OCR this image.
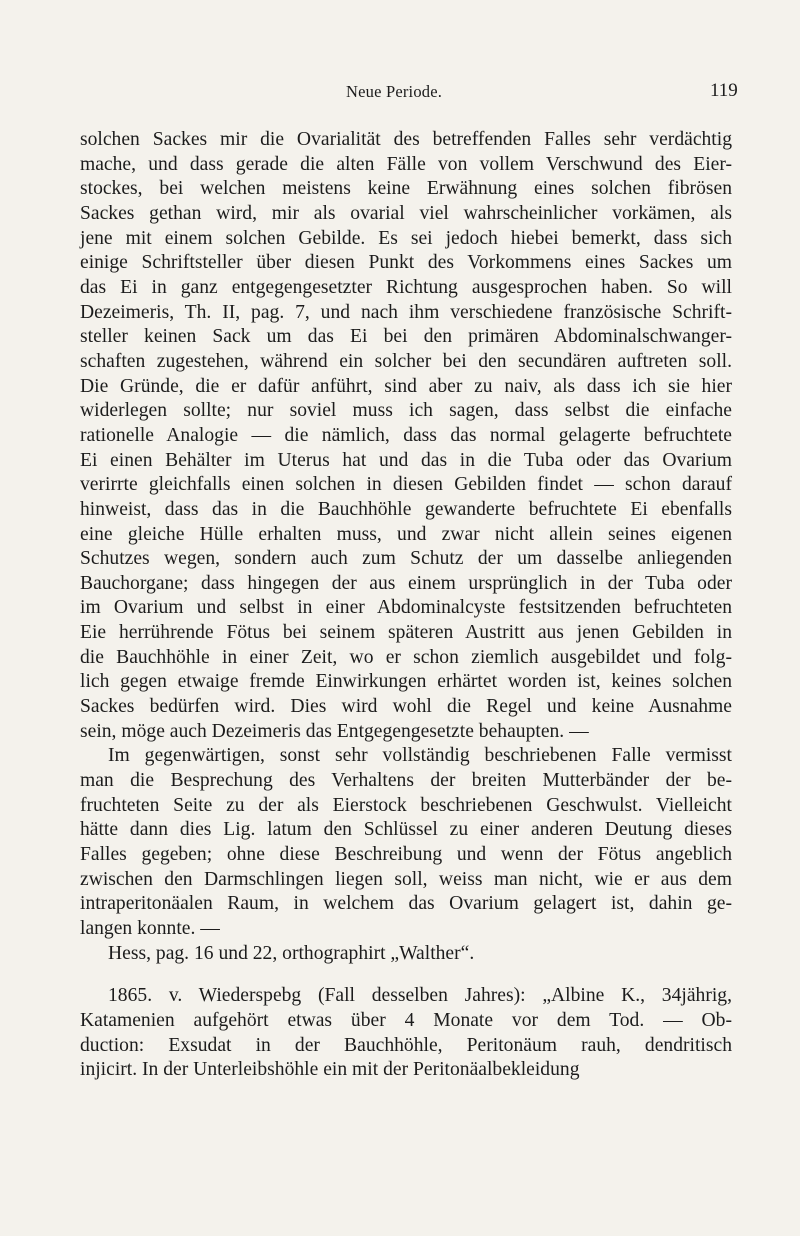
Neue Periode.	119
solchen Sackes mir die Ovarialität des betreffenden Falles sehr verdächtig
mache, und dass gerade die alten Fälle von vollem Verschwund des Eier-
stockes, bei welchen meistens keine Erwähnung eines solchen fibrösen
Sackes gethan wird, mir als ovarial viel wahrscheinlicher vorkämen, als
jene mit einem solchen Gebilde. Es sei jedoch hiebei bemerkt, dass sich
einige Schriftsteller über diesen Punkt des Vorkommens eines Sackes um
das Ei in ganz entgegengesetzter Richtung ausgesprochen haben. So will
Dezeimeris, Th. II, pag. 7, und nach ihm verschiedene französische Schrift-
steller keinen Sack um das Ei bei den primären Abdominalschwanger-
schaften zugestehen, während ein solcher bei den secundären auftreten soll.
Die Gründe, die er dafür anführt, sind aber zu naiv, als dass ich sie hier
widerlegen sollte; nur soviel muss ich sagen, dass selbst die einfache
rationelle Analogie — die nämlich, dass das normal gelagerte befruchtete
Ei einen Behälter im Uterus hat und das in die Tuba oder das Ovarium
verirrte gleichfalls einen solchen in diesen Gebilden findet — schon darauf
hinweist, dass das in die Bauchhöhle gewanderte befruchtete Ei ebenfalls
eine gleiche Hülle erhalten muss, und zwar nicht allein seines eigenen
Schutzes wegen, sondern auch zum Schutz der um dasselbe anliegenden
Bauchorgane; dass hingegen der aus einem ursprünglich in der Tuba oder
im Ovarium und selbst in einer Abdominalcyste festsitzenden befruchteten
Eie herrührende Fötus bei seinem späteren Austritt aus jenen Gebilden in
die Bauchhöhle in einer Zeit, wo er schon ziemlich ausgebildet und folg-
lich gegen etwaige fremde Einwirkungen erhärtet worden ist, keines solchen
Sackes bedürfen wird. Dies wird wohl die Regel und keine Ausnahme
sein, möge auch Dezeimeris das Entgegengesetzte behaupten. —
Im gegenwärtigen, sonst sehr vollständig beschriebenen Falle vermisst
man die Besprechung des Verhaltens der breiten Mutterbänder der be-
fruchteten Seite zu der als Eierstock beschriebenen Geschwulst. Vielleicht
hätte dann dies Lig. latum den Schlüssel zu einer anderen Deutung dieses
Falles gegeben; ohne diese Beschreibung und wenn der Fötus angeblich
zwischen den Darmschlingen liegen soll, weiss man nicht, wie er aus dem
intraperitonäalen Raum, in welchem das Ovarium gelagert ist, dahin ge-
langen konnte. —
Hess, pag. 16 und 22, orthographirt „Walther“.
1865. v. Wiederspebg (Fall desselben Jahres): „Albine K., 34jährig,
Katamenien aufgehört etwas über 4 Monate vor dem Tod. — Ob-
duction: Exsudat in der Bauchhöhle, Peritonäum rauh, dendritisch
injicirt. In der Unterleibshöhle ein mit der Peritonäalbekleidung
